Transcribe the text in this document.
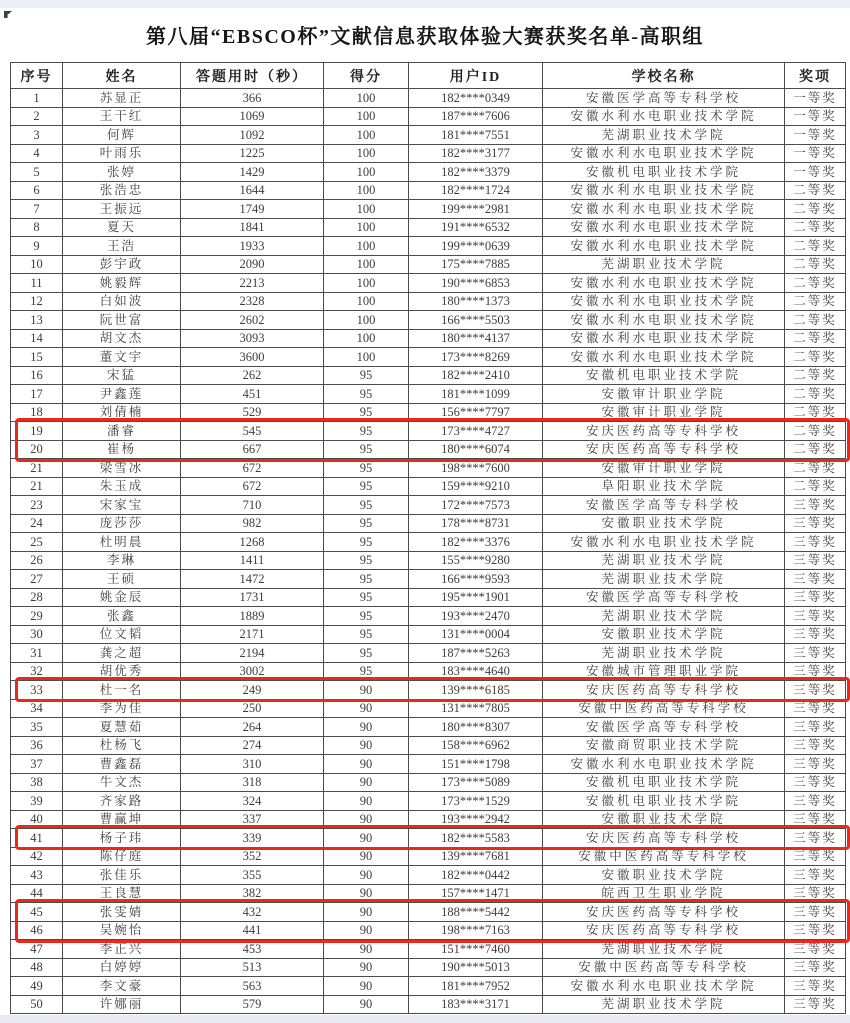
第八届“EBSCO杯”文献信息获取体验大赛获奖名单-高职组
序号	姓名	答题用时（秒）	得分	用户ID	学校名称	奖项
1	苏显正	366	100	182****0349	安徽医学高等专科学校	一等奖
2	王干红	1069	100	187****7606	安徽水利水电职业技术学院	一等奖
3	何辉	1092	100	181****7551	芜湖职业技术学院	一等奖
4	叶雨乐	1225	100	182****3177	安徽水利水电职业技术学院	一等奖
5	张婷	1429	100	182****3379	安徽机电职业技术学院	一等奖
6	张浩忠	1644	100	182****1724	安徽水利水电职业技术学院	二等奖
7	王振远	1749	100	199****2981	安徽水利水电职业技术学院	二等奖
8	夏天	1841	100	191****6532	安徽水利水电职业技术学院	二等奖
9	王浩	1933	100	199****0639	安徽水利水电职业技术学院	二等奖
10	彭宇政	2090	100	175****7885	芜湖职业技术学院	二等奖
11	姚毅辉	2213	100	190****6853	安徽水利水电职业技术学院	二等奖
12	白如波	2328	100	180****1373	安徽水利水电职业技术学院	二等奖
13	阮世富	2602	100	166****5503	安徽水利水电职业技术学院	二等奖
14	胡文杰	3093	100	180****4137	安徽水利水电职业技术学院	二等奖
15	董文宇	3600	100	173****8269	安徽水利水电职业技术学院	二等奖
16	宋猛	262	95	182****2410	安徽机电职业技术学院	二等奖
17	尹鑫莲	451	95	181****1099	安徽审计职业学院	二等奖
18	刘倩楠	529	95	156****7797	安徽审计职业学院	二等奖
19	潘睿	545	95	173****4727	安庆医药高等专科学校	二等奖
20	崔杨	667	95	180****6074	安庆医药高等专科学校	二等奖
21	梁雪冰	672	95	198****7600	安徽审计职业学院	二等奖
21	朱玉成	672	95	159****9210	阜阳职业技术学院	二等奖
23	宋家宝	710	95	172****7573	安徽医学高等专科学校	三等奖
24	庞莎莎	982	95	178****8731	安徽职业技术学院	三等奖
25	杜明晨	1268	95	182****3376	安徽水利水电职业技术学院	三等奖
26	李琳	1411	95	155****9280	芜湖职业技术学院	三等奖
27	王硕	1472	95	166****9593	芜湖职业技术学院	三等奖
28	姚金辰	1731	95	195****1901	安徽医学高等专科学校	三等奖
29	张鑫	1889	95	193****2470	芜湖职业技术学院	三等奖
30	位文韬	2171	95	131****0004	安徽职业技术学院	三等奖
31	龚之超	2194	95	187****5263	芜湖职业技术学院	三等奖
32	胡优秀	3002	95	183****4640	安徽城市管理职业学院	三等奖
33	杜一名	249	90	139****6185	安庆医药高等专科学校	三等奖
34	李为佳	250	90	131****7805	安徽中医药高等专科学校	三等奖
35	夏慧茹	264	90	180****8307	安徽医学高等专科学校	三等奖
36	杜杨飞	274	90	158****6962	安徽商贸职业技术学院	三等奖
37	曹鑫磊	310	90	151****1798	安徽水利水电职业技术学院	三等奖
38	牛文杰	318	90	173****5089	安徽机电职业技术学院	三等奖
39	齐家路	324	90	173****1529	安徽机电职业技术学院	三等奖
40	曹赢坤	337	90	193****2942	安徽职业技术学院	三等奖
41	杨子玮	339	90	182****5583	安庆医药高等专科学校	三等奖
42	陈仔庭	352	90	139****7681	安徽中医药高等专科学校	三等奖
43	张佳乐	355	90	182****0442	安徽职业技术学院	三等奖
44	王良慧	382	90	157****1471	皖西卫生职业学院	三等奖
45	张雯婧	432	90	188****5442	安庆医药高等专科学校	三等奖
46	吴婉怡	441	90	198****7163	安庆医药高等专科学校	三等奖
47	李正兴	453	90	151****7460	芜湖职业技术学院	三等奖
48	白婷婷	513	90	190****5013	安徽中医药高等专科学校	三等奖
49	李文豪	563	90	181****7952	安徽水利水电职业技术学院	三等奖
50	许娜丽	579	90	183****3171	芜湖职业技术学院	三等奖
